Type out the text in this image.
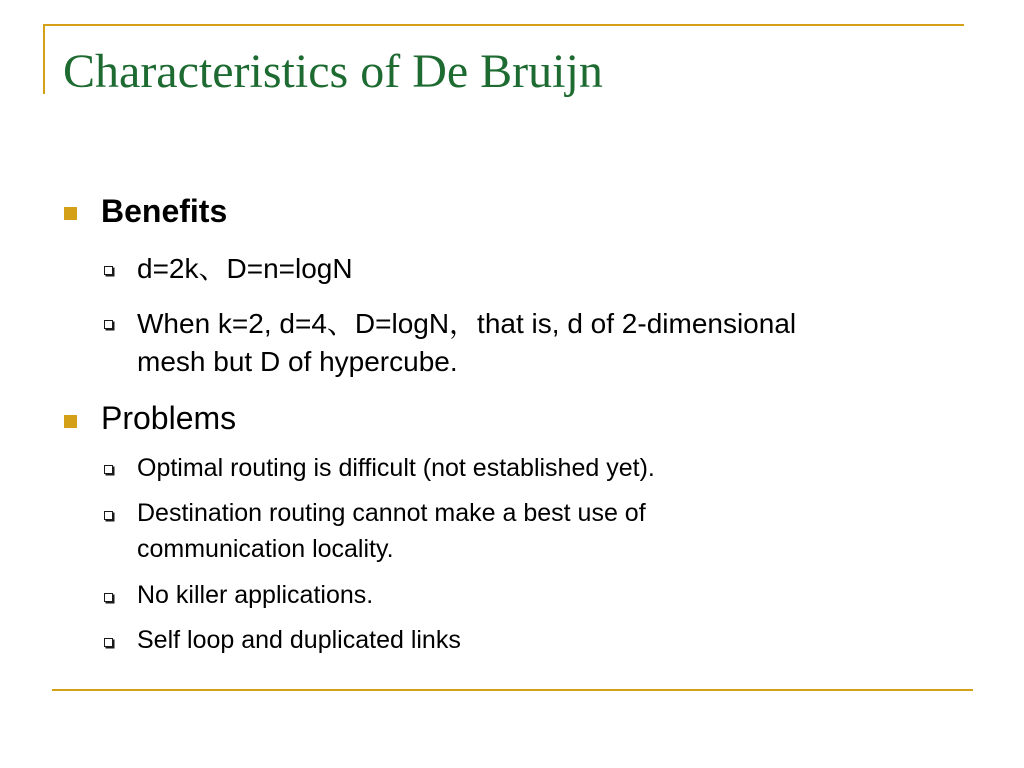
Characteristics of De Bruijn
Benefits
d=2k、D=n=logN
When k=2, d=4、D=logN，that is, d of 2-dimensional mesh but D of hypercube.
Problems
Optimal routing is difficult (not established yet).
Destination routing cannot make a best use of communication locality.
No killer applications.
Self loop and duplicated links
